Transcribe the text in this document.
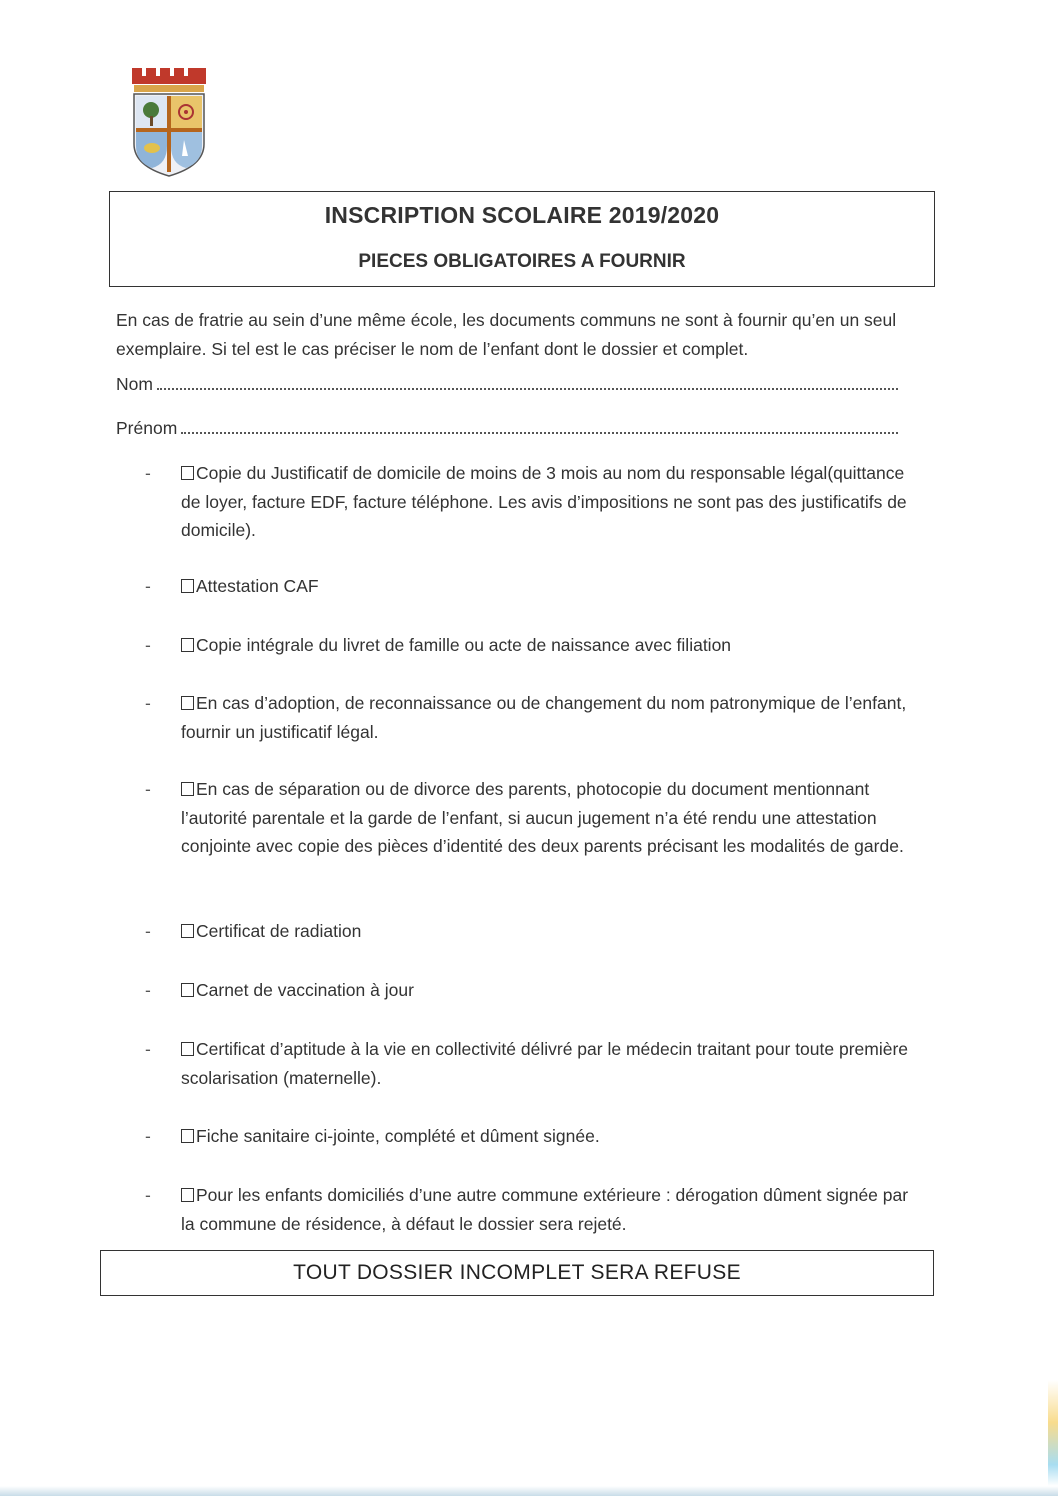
INSCRIPTION SCOLAIRE 2019/2020
PIECES OBLIGATOIRES A FOURNIR
En cas de fratrie au sein d’une même école, les documents communs ne sont à fournir qu’en un seul exemplaire. Si tel est le cas préciser le nom de l’enfant dont le dossier et complet.
Nom
Prénom
-	Copie du Justificatif de domicile de moins de 3 mois au nom du responsable légal(quittance de loyer, facture EDF, facture téléphone. Les avis d’impositions ne sont pas des justificatifs de domicile).
-	Attestation CAF
-	Copie intégrale du livret de famille ou acte de naissance avec filiation
-	En cas d’adoption, de reconnaissance ou de changement du nom patronymique de l’enfant, fournir un justificatif légal.
-	En cas de séparation ou de divorce des parents, photocopie du document mentionnant l’autorité parentale et la garde de l’enfant, si aucun jugement n’a été rendu une attestation conjointe avec copie des pièces d’identité des deux parents précisant les modalités de garde.
-	Certificat de radiation
-	Carnet de vaccination à jour
-	Certificat d’aptitude à la vie en collectivité délivré par le médecin traitant pour toute première scolarisation (maternelle).
-	Fiche sanitaire ci-jointe, complété et dûment signée.
-	Pour les enfants domiciliés d’une autre commune extérieure : dérogation dûment signée par la commune de résidence, à défaut le dossier sera rejeté.
TOUT DOSSIER INCOMPLET SERA REFUSE
